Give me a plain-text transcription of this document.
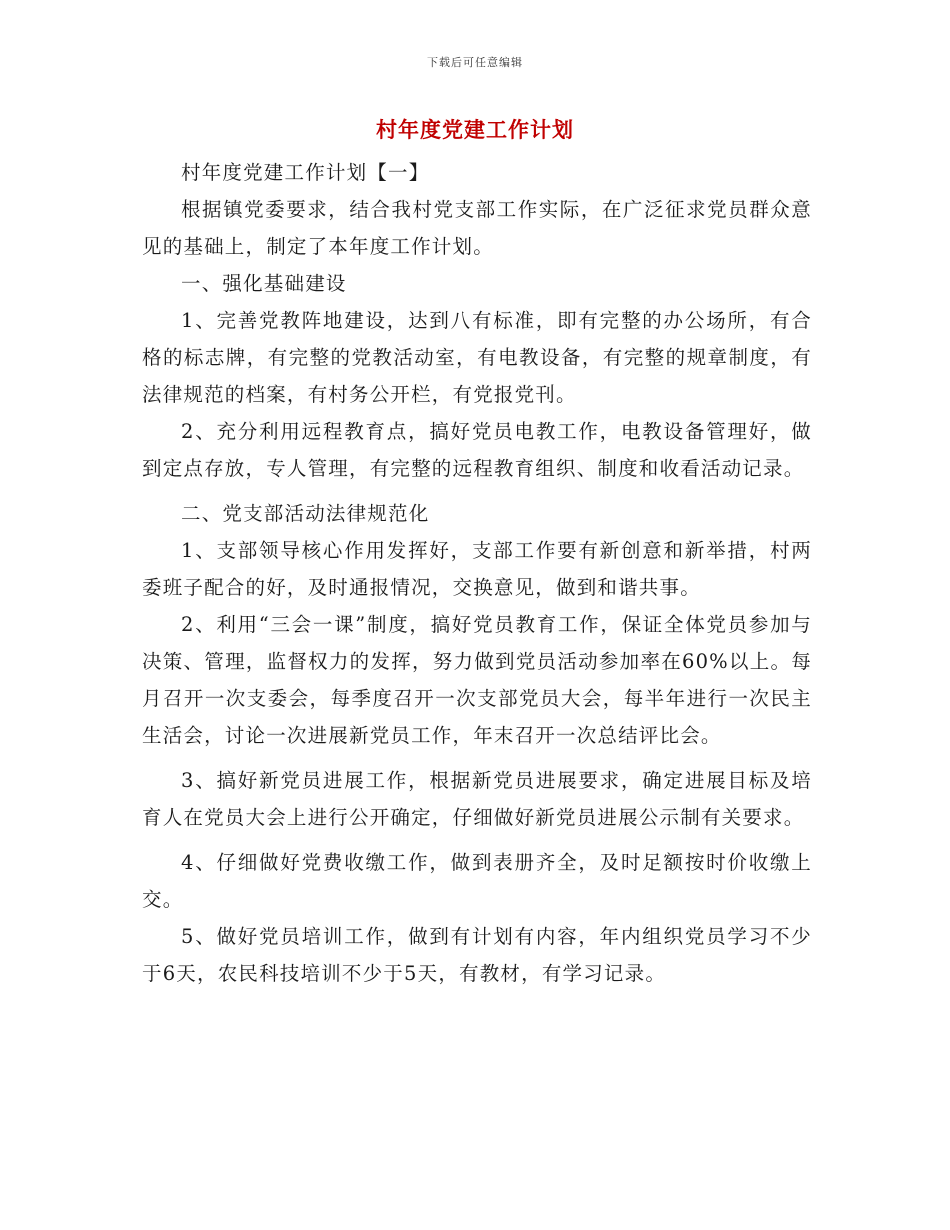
下载后可任意编辑
村年度党建工作计划

村年度党建工作计划【一】

根据镇党委要求，结合我村党支部工作实际，在广泛征求党员群众意见的基础上，制定了本年度工作计划。

一、强化基础建设

1、完善党教阵地建设，达到八有标准，即有完整的办公场所，有合格的标志牌，有完整的党教活动室，有电教设备，有完整的规章制度，有法律规范的档案，有村务公开栏，有党报党刊。

2、充分利用远程教育点，搞好党员电教工作，电教设备管理好，做到定点存放，专人管理，有完整的远程教育组织、制度和收看活动记录。

二、党支部活动法律规范化

1、支部领导核心作用发挥好，支部工作要有新创意和新举措，村两委班子配合的好，及时通报情况，交换意见，做到和谐共事。

2、利用“三会一课”制度，搞好党员教育工作，保证全体党员参加与决策、管理，监督权力的发挥，努力做到党员活动参加率在60%以上。每月召开一次支委会，每季度召开一次支部党员大会，每半年进行一次民主生活会，讨论一次进展新党员工作，年末召开一次总结评比会。

3、搞好新党员进展工作，根据新党员进展要求，确定进展目标及培育人在党员大会上进行公开确定，仔细做好新党员进展公示制有关要求。

4、仔细做好党费收缴工作，做到表册齐全，及时足额按时价收缴上交。

5、做好党员培训工作，做到有计划有内容，年内组织党员学习不少于6天，农民科技培训不少于5天，有教材，有学习记录。
